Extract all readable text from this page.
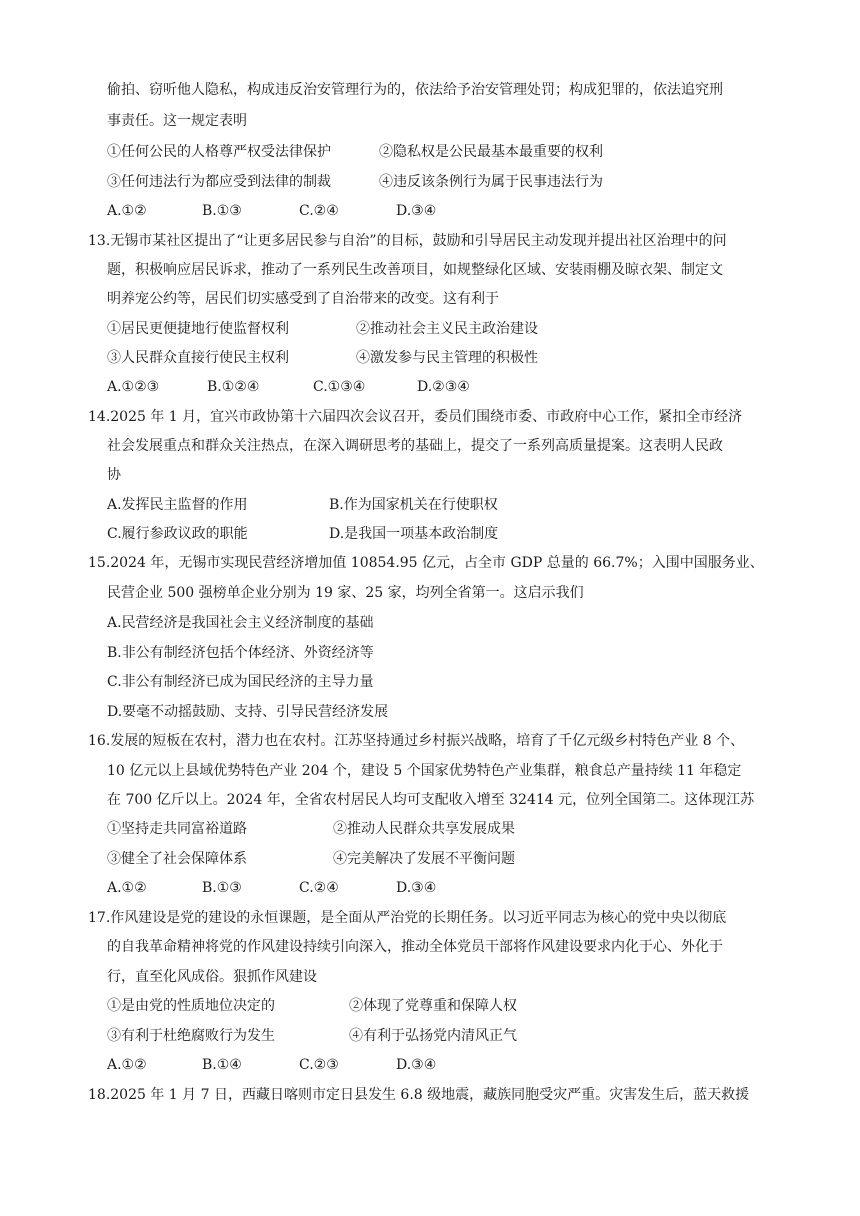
偷拍、窃听他人隐私，构成违反治安管理行为的，依法给予治安管理处罚；构成犯罪的，依法追究刑
事责任。这一规定表明
①任何公民的人格尊严权受法律保护	②隐私权是公民最基本最重要的权利
③任何违法行为都应受到法律的制裁	④违反该条例行为属于民事违法行为
A.①②	B.①③	C.②④	D.③④
13.无锡市某社区提出了“让更多居民参与自治”的目标，鼓励和引导居民主动发现并提出社区治理中的问
题，积极响应居民诉求，推动了一系列民生改善项目，如规整绿化区域、安装雨棚及晾衣架、制定文
明养宠公约等，居民们切实感受到了自治带来的改变。这有利于
①居民更便捷地行使监督权利	②推动社会主义民主政治建设
③人民群众直接行使民主权利	④激发参与民主管理的积极性
A.①②③	B.①②④	C.①③④	D.②③④
14.2025 年 1 月，宜兴市政协第十六届四次会议召开，委员们围绕市委、市政府中心工作，紧扣全市经济
社会发展重点和群众关注热点，在深入调研思考的基础上，提交了一系列高质量提案。这表明人民政
协
A.发挥民主监督的作用	B.作为国家机关在行使职权
C.履行参政议政的职能	D.是我国一项基本政治制度
15.2024 年，无锡市实现民营经济增加值 10854.95 亿元，占全市 GDP 总量的 66.7%；入围中国服务业、
民营企业 500 强榜单企业分别为 19 家、25 家，均列全省第一。这启示我们
A.民营经济是我国社会主义经济制度的基础
B.非公有制经济包括个体经济、外资经济等
C.非公有制经济已成为国民经济的主导力量
D.要毫不动摇鼓励、支持、引导民营经济发展
16.发展的短板在农村，潜力也在农村。江苏坚持通过乡村振兴战略，培育了千亿元级乡村特色产业 8 个、
10 亿元以上县域优势特色产业 204 个，建设 5 个国家优势特色产业集群，粮食总产量持续 11 年稳定
在 700 亿斤以上。2024 年，全省农村居民人均可支配收入增至 32414 元，位列全国第二。这体现江苏
①坚持走共同富裕道路	②推动人民群众共享发展成果
③健全了社会保障体系	④完美解决了发展不平衡问题
A.①②	B.①③	C.②④	D.③④
17.作风建设是党的建设的永恒课题，是全面从严治党的长期任务。以习近平同志为核心的党中央以彻底
的自我革命精神将党的作风建设持续引向深入，推动全体党员干部将作风建设要求内化于心、外化于
行，直至化风成俗。狠抓作风建设
①是由党的性质地位决定的	②体现了党尊重和保障人权
③有利于杜绝腐败行为发生	④有利于弘扬党内清风正气
A.①②	B.①④	C.②③	D.③④
18.2025 年 1 月 7 日，西藏日喀则市定日县发生 6.8 级地震，藏族同胞受灾严重。灾害发生后，蓝天救援
